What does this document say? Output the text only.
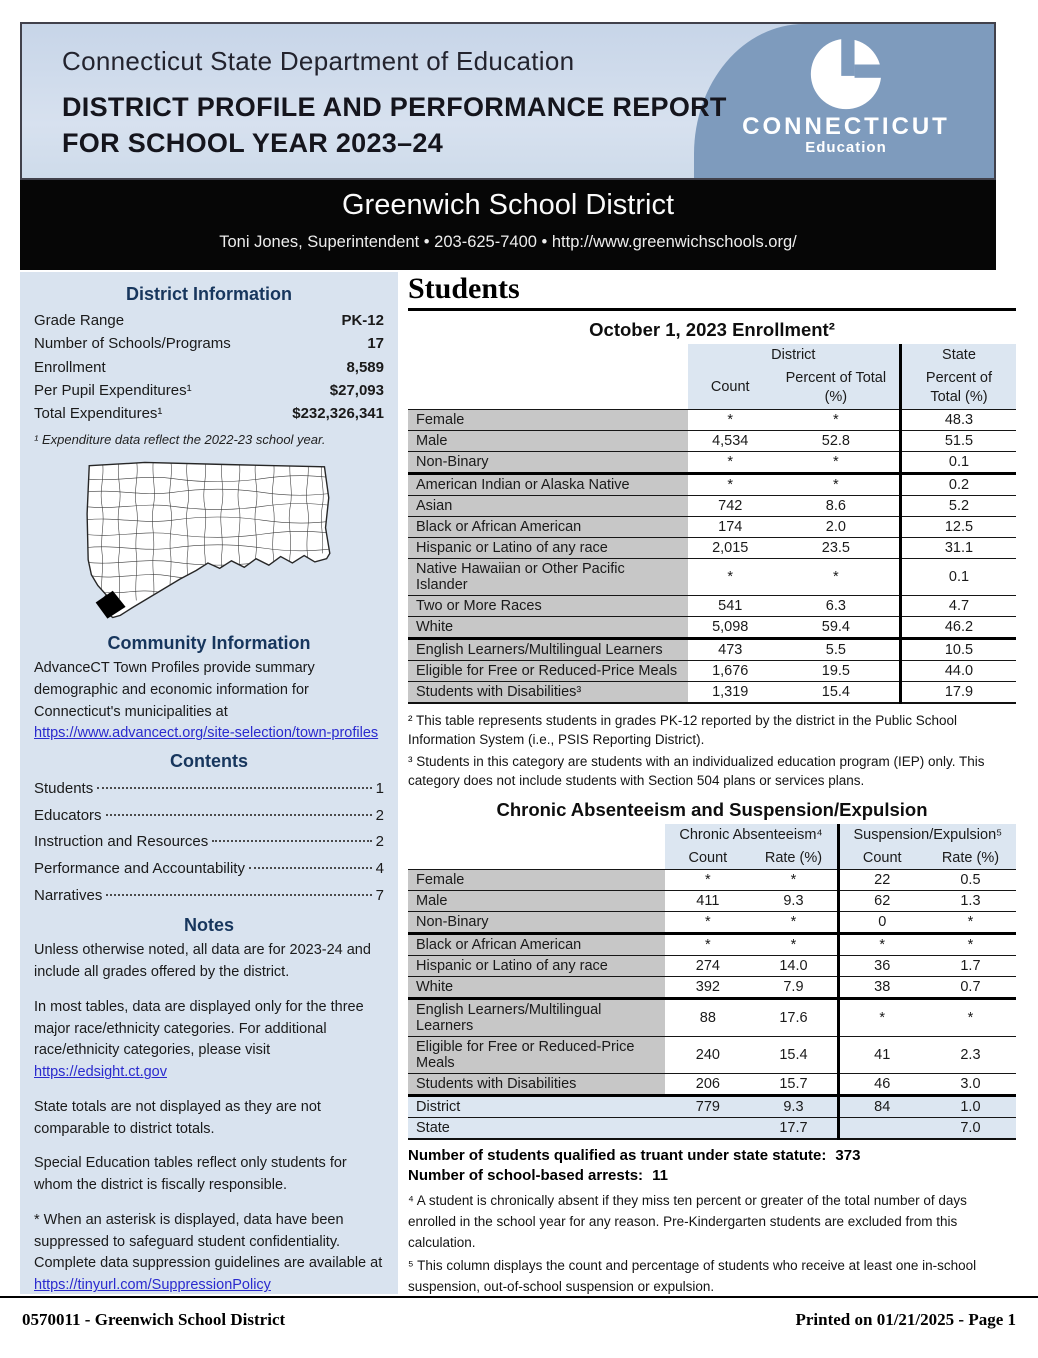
CONNECTICUT
Education
Connecticut State Department of Education
DISTRICT PROFILE AND PERFORMANCE REPORT
FOR SCHOOL YEAR 2023–24
Greenwich School District
Toni Jones, Superintendent • 203-625-7400 • http://www.greenwichschools.org/
District Information
Grade Range	PK-12
Number of Schools/Programs	17
Enrollment	8,589
Per Pupil Expenditures¹	$27,093
Total Expenditures¹	$232,326,341
¹ Expenditure data reflect the 2022-23 school year.
Community Information
AdvanceCT Town Profiles provide summary demographic and economic information for Connecticut's municipalities at https://www.advancect.org/site-selection/town-profiles
Contents
Students	1
Educators	2
Instruction and Resources	2
Performance and Accountability	4
Narratives	7
Notes

Unless otherwise noted, all data are for 2023-24 and include all grades offered by the district.

In most tables, data are displayed only for the three major race/ethnicity categories. For additional race/ethnicity categories, please visit https://edsight.ct.gov

State totals are not displayed as they are not comparable to district totals.

Special Education tables reflect only students for whom the district is fiscally responsible.

* When an asterisk is displayed, data have been suppressed to safeguard student confidentiality. Complete data suppression guidelines are available at https://tinyurl.com/SuppressionPolicy

Students
October 1, 2023 Enrollment²
	District		State
	Count	Percent of Total (%)	Percent of Total (%)
Female	*	*	48.3
Male	4,534	52.8	51.5
Non-Binary	*	*	0.1
American Indian or Alaska Native	*	*	0.2
Asian	742	8.6	5.2
Black or African American	174	2.0	12.5
Hispanic or Latino of any race	2,015	23.5	31.1
Native Hawaiian or Other Pacific Islander	*	*	0.1
Two or More Races	541	6.3	4.7
White	5,098	59.4	46.2
English Learners/Multilingual Learners	473	5.5	10.5
Eligible for Free or Reduced-Price Meals	1,676	19.5	44.0
Students with Disabilities³	1,319	15.4	17.9

² This table represents students in grades PK-12 reported by the district in the Public School Information System (i.e., PSIS Reporting District).

³ Students in this category are students with an individualized education program (IEP) only. This category does not include students with Section 504 plans or services plans.

Chronic Absenteeism and Suspension/Expulsion
	Chronic Absenteeism⁴		Suspension/Expulsion⁵	
	Count	Rate (%)	Count	Rate (%)
Female	*	*	22	0.5
Male	411	9.3	62	1.3
Non-Binary	*	*	0	*
Black or African American	*	*	*	*
Hispanic or Latino of any race	274	14.0	36	1.7
White	392	7.9	38	0.7
English Learners/Multilingual Learners	88	17.6	*	*
Eligible for Free or Reduced-Price Meals	240	15.4	41	2.3
Students with Disabilities	206	15.7	46	3.0
District	779	9.3	84	1.0
State		17.7		7.0
Number of students qualified as truant under state statute: 373
Number of school-based arrests: 11

⁴ A student is chronically absent if they miss ten percent or greater of the total number of days enrolled in the school year for any reason. Pre-Kindergarten students are excluded from this calculation.

⁵ This column displays the count and percentage of students who receive at least one in-school suspension, out-of-school suspension or expulsion.

0570011 - Greenwich School District	Printed on 01/21/2025 - Page 1
